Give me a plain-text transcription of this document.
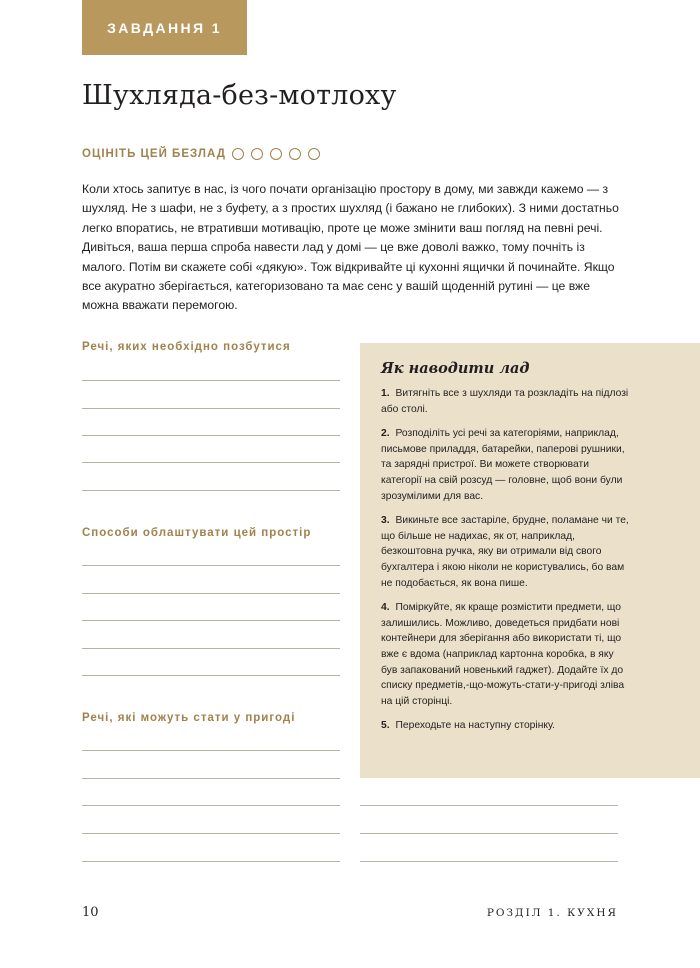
ЗАВДАННЯ 1
Шухляда-без-мотлоху
ОЦІНІТЬ ЦЕЙ БЕЗЛАД

Коли хтось запитує в нас, із чого почати організацію простору в дому, ми завжди кажемо — з шухляд. Не з шафи, не з буфету, а з простих шухляд (і бажано не глибоких). З ними достатньо легко впоратись, не втративши мотивацію, проте це може змінити ваш погляд на певні речі. Дивіться, ваша перша спроба навести лад у домі — це вже доволі важко, тому почніть із малого. Потім ви скажете собі «дякую». Тож відкривайте ці кухонні ящички й починайте. Якщо все акуратно зберігається, категоризовано та має сенс у вашій щоденній рутині — це вже можна вважати перемогою.

Речі, яких необхідно позбутися

Способи облаштувати цей простір

Речі, які можуть стати у пригоді

Як наводити лад
1. Витягніть все з шухляди та розкладіть на підлозі або столі.
2. Розподіліть усі речі за категоріями, наприклад, письмове приладдя, батарейки, паперові рушники, та зарядні пристрої. Ви можете створювати категорії на свій розсуд — головне, щоб вони були зрозумілими для вас.
3. Викиньте все застаріле, брудне, поламане чи те, що більше не надихає, як от, наприклад, безкоштовна ручка, яку ви отримали від свого бухгалтера і якою ніколи не користувались, бо вам не подобається, як вона пише.
4. Поміркуйте, як краще розмістити предмети, що залишились. Можливо, доведеться придбати нові контейнери для зберігання або використати ті, що вже є вдома (наприклад картонна коробка, в яку був запакований новенький гаджет). Додайте їх до списку предметів,-що-можуть-стати-у-пригоді зліва на цій сторінці.
5. Переходьте на наступну сторінку.

10	РОЗДІЛ 1. КУХНЯ
